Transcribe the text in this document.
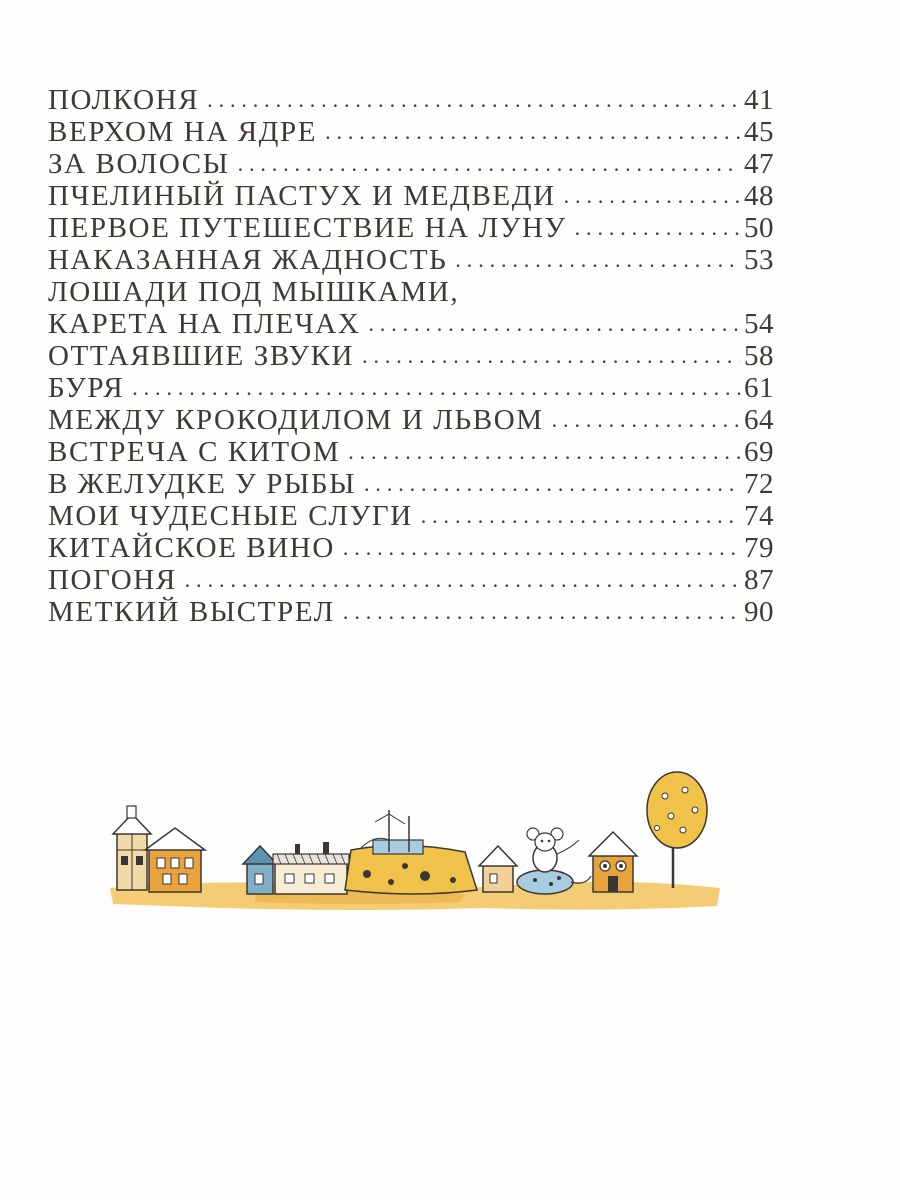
ПОЛКОНЯ . . .	41
ВЕРХОМ НА ЯДРЕ . . .	45
ЗА ВОЛОСЫ . . .	47
ПЧЕЛИНЫЙ ПАСТУХ И МЕДВЕДИ . . .	48
ПЕРВОЕ ПУТЕШЕСТВИЕ НА ЛУНУ . . .	50
НАКАЗАННАЯ ЖАДНОСТЬ . . .	53
ЛОШАДИ ПОД МЫШКАМИ,
КАРЕТА НА ПЛЕЧАХ . . .	54
ОТТАЯВШИЕ ЗВУКИ . . .	58
БУРЯ . . .	61
МЕЖДУ КРОКОДИЛОМ И ЛЬВОМ . . .	64
ВСТРЕЧА С КИТОМ . . .	69
В ЖЕЛУДКЕ У РЫБЫ . . .	72
МОИ ЧУДЕСНЫЕ СЛУГИ . . .	74
КИТАЙСКОЕ ВИНО . . .	79
ПОГОНЯ . . .	87
МЕТКИЙ ВЫСТРЕЛ . . .	90
